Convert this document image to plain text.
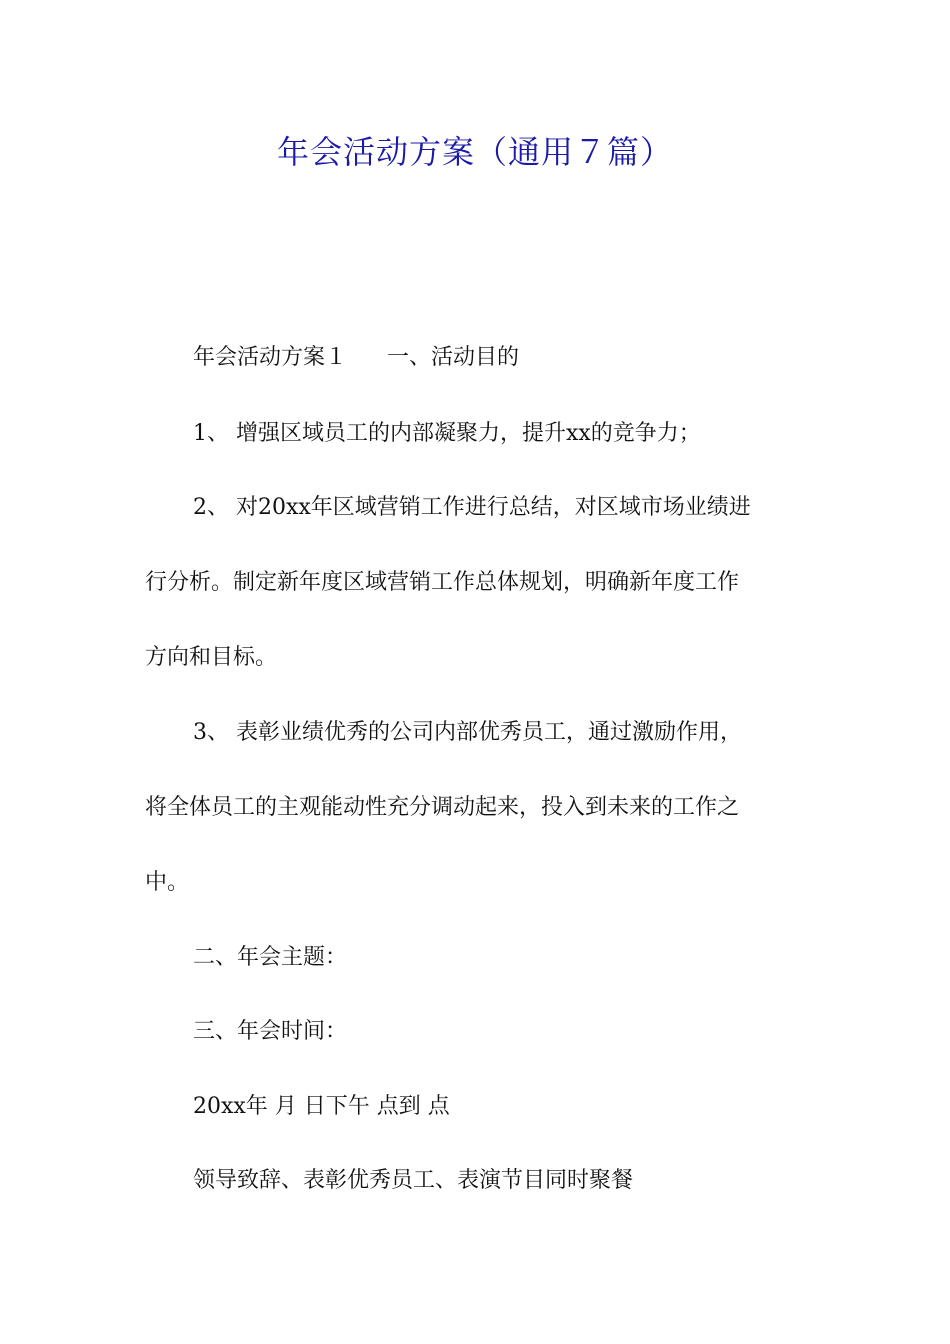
年会活动方案（通用７篇）
年会活动方案１ 一、活动目的
1、 增强区域员工的内部凝聚力，提升xx的竞争力；
2、 对20xx年区域营销工作进行总结，对区域市场业绩进
行分析。制定新年度区域营销工作总体规划，明确新年度工作
方向和目标。
3、 表彰业绩优秀的公司内部优秀员工，通过激励作用，
将全体员工的主观能动性充分调动起来，投入到未来的工作之
中。
二、年会主题：
三、年会时间：
20xx年 月 日下午 点到 点
领导致辞、表彰优秀员工、表演节目同时聚餐
